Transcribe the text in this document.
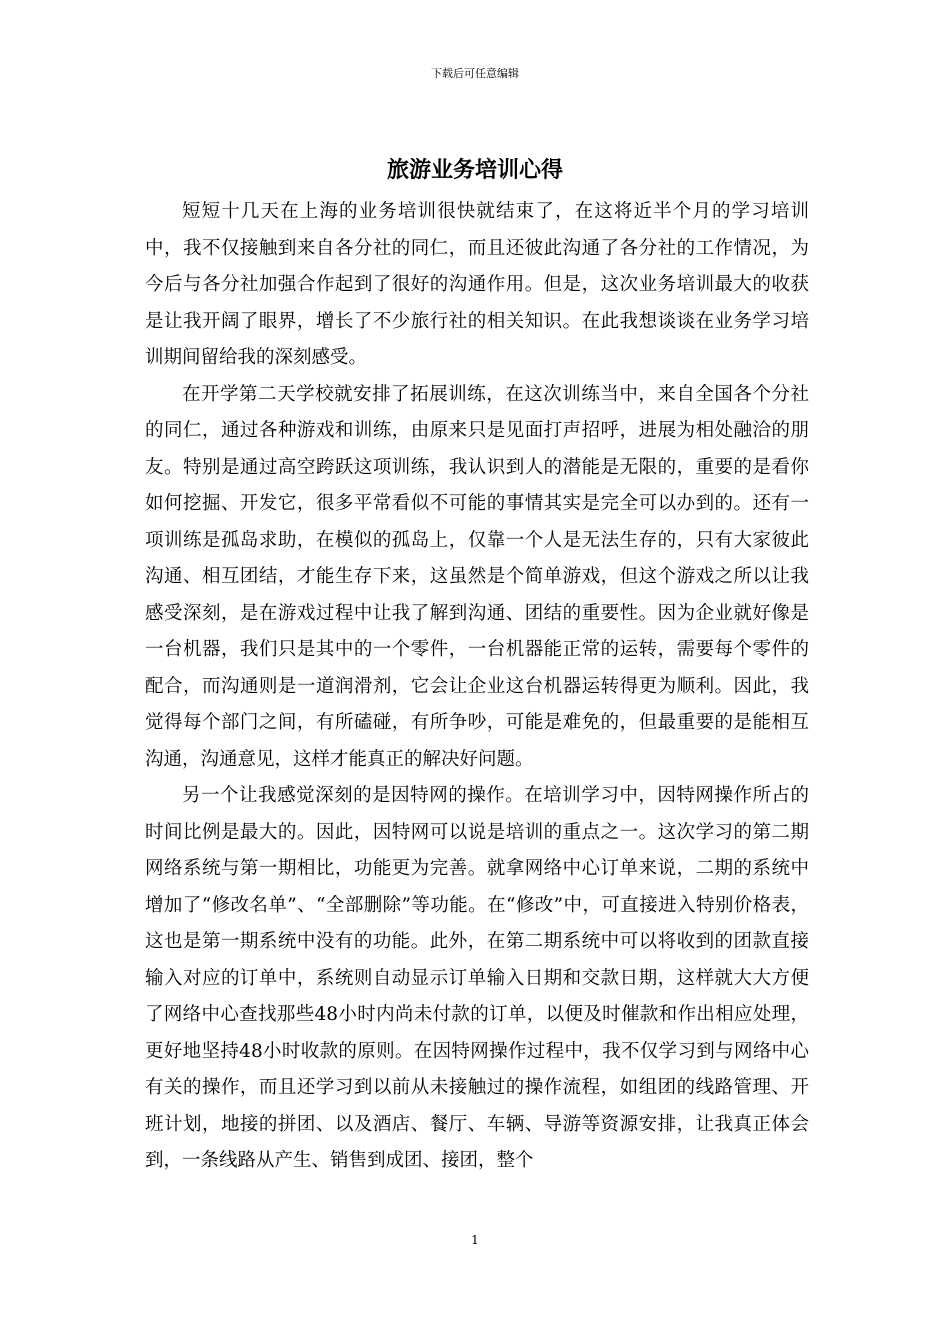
下载后可任意编辑
旅游业务培训心得

短短十几天在上海的业务培训很快就结束了，在这将近半个月的学习培训中，我不仅接触到来自各分社的同仁，而且还彼此沟通了各分社的工作情况，为今后与各分社加强合作起到了很好的沟通作用。但是，这次业务培训最大的收获是让我开阔了眼界，增长了不少旅行社的相关知识。在此我想谈谈在业务学习培训期间留给我的深刻感受。

在开学第二天学校就安排了拓展训练，在这次训练当中，来自全国各个分社的同仁，通过各种游戏和训练，由原来只是见面打声招呼，进展为相处融洽的朋友。特别是通过高空跨跃这项训练，我认识到人的潜能是无限的，重要的是看你如何挖掘、开发它，很多平常看似不可能的事情其实是完全可以办到的。还有一项训练是孤岛求助，在模似的孤岛上，仅靠一个人是无法生存的，只有大家彼此沟通、相互团结，才能生存下来，这虽然是个简单游戏，但这个游戏之所以让我感受深刻，是在游戏过程中让我了解到沟通、团结的重要性。因为企业就好像是一台机器，我们只是其中的一个零件，一台机器能正常的运转，需要每个零件的配合，而沟通则是一道润滑剂，它会让企业这台机器运转得更为顺利。因此，我觉得每个部门之间，有所磕碰，有所争吵，可能是难免的，但最重要的是能相互沟通，沟通意见，这样才能真正的解决好问题。

另一个让我感觉深刻的是因特网的操作。在培训学习中，因特网操作所占的时间比例是最大的。因此，因特网可以说是培训的重点之一。这次学习的第二期网络系统与第一期相比，功能更为完善。就拿网络中心订单来说，二期的系统中增加了“修改名单”、“全部删除”等功能。在“修改”中，可直接进入特别价格表，这也是第一期系统中没有的功能。此外，在第二期系统中可以将收到的团款直接输入对应的订单中，系统则自动显示订单输入日期和交款日期，这样就大大方便了网络中心查找那些48小时内尚未付款的订单，以便及时催款和作出相应处理，更好地坚持48小时收款的原则。在因特网操作过程中，我不仅学习到与网络中心有关的操作，而且还学习到以前从未接触过的操作流程，如组团的线路管理、开班计划，地接的拼团、以及酒店、餐厅、车辆、导游等资源安排，让我真正体会到，一条线路从产生、销售到成团、接团，整个

1
